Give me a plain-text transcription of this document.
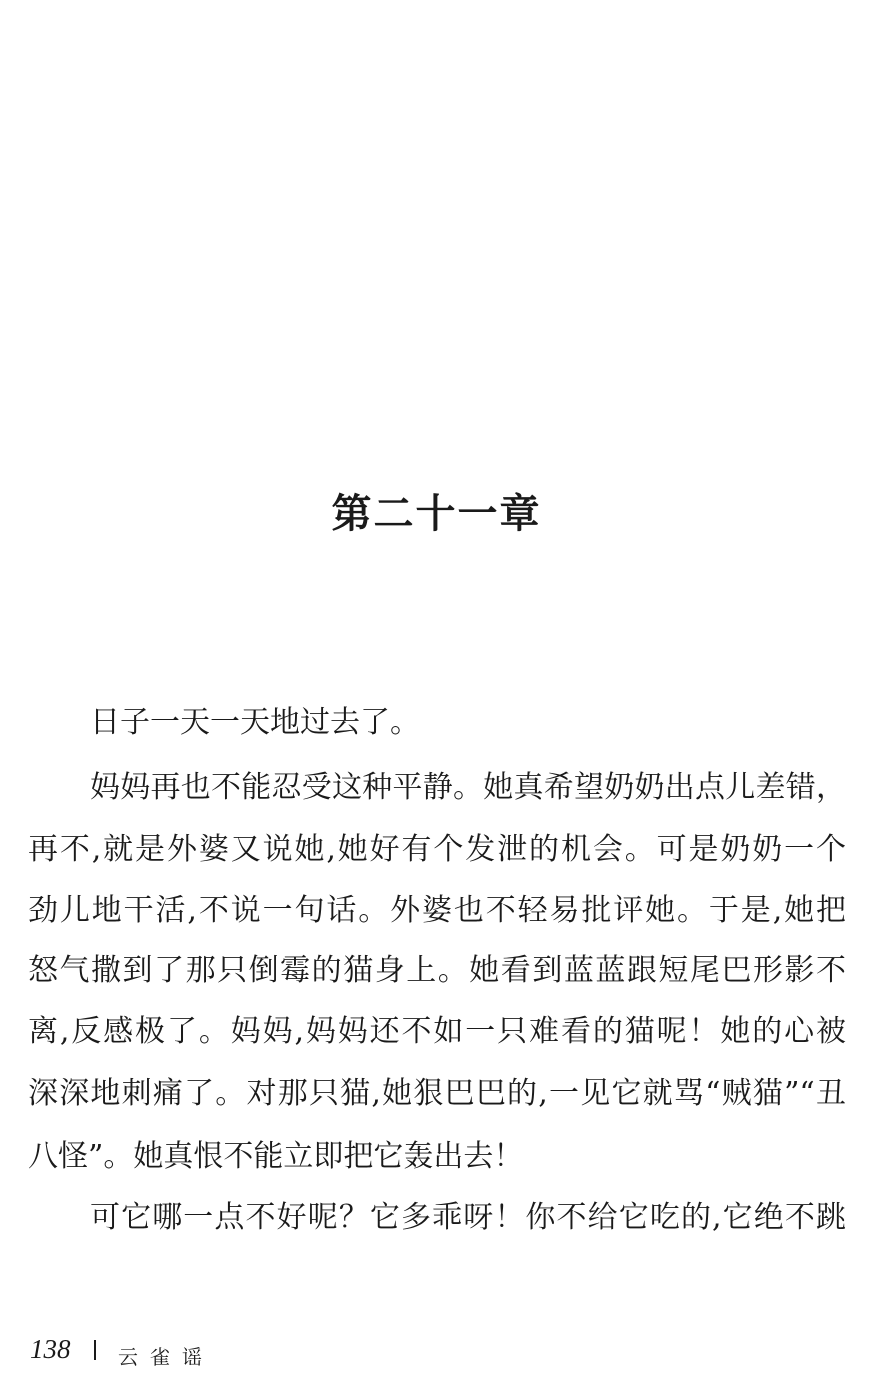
第二十一章
日子一天一天地过去了。
妈妈再也不能忍受这种平静。她真希望奶奶出点儿差错，
再不,就是外婆又说她,她好有个发泄的机会。可是奶奶一个
劲儿地干活,不说一句话。外婆也不轻易批评她。于是,她把
怒气撒到了那只倒霉的猫身上。她看到蓝蓝跟短尾巴形影不
离,反感极了。妈妈,妈妈还不如一只难看的猫呢！她的心被
深深地刺痛了。对那只猫,她狠巴巴的,一见它就骂“贼猫”“丑
八怪”。她真恨不能立即把它轰出去！
可它哪一点不好呢？它多乖呀！你不给它吃的,它绝不跳
138 云雀谣
